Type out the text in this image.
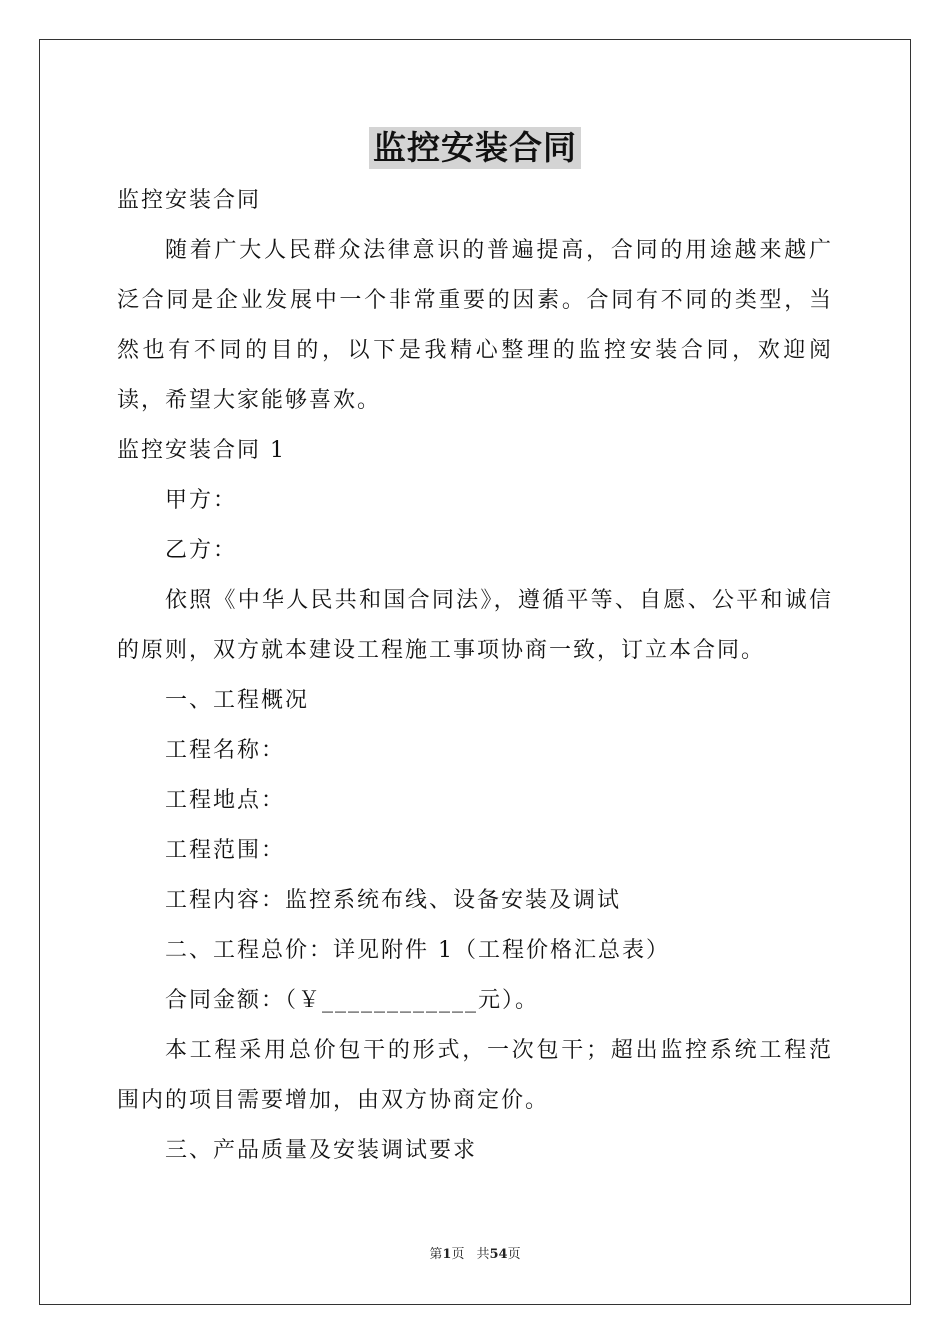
监控安装合同

监控安装合同

随着广大人民群众法律意识的普遍提高，合同的用途越来越广泛合同是企业发展中一个非常重要的因素。合同有不同的类型，当然也有不同的目的，以下是我精心整理的监控安装合同，欢迎阅读，希望大家能够喜欢。

监控安装合同 1

甲方：

乙方：

依照《中华人民共和国合同法》，遵循平等、自愿、公平和诚信的原则，双方就本建设工程施工事项协商一致，订立本合同。

一、工程概况

工程名称：

工程地点：

工程范围：

工程内容：监控系统布线、设备安装及调试

二、工程总价：详见附件 1（工程价格汇总表）

合同金额：（￥____________元）。

本工程采用总价包干的形式，一次包干；超出监控系统工程范围内的项目需要增加，由双方协商定价。

三、产品质量及安装调试要求

第1页 共54页
